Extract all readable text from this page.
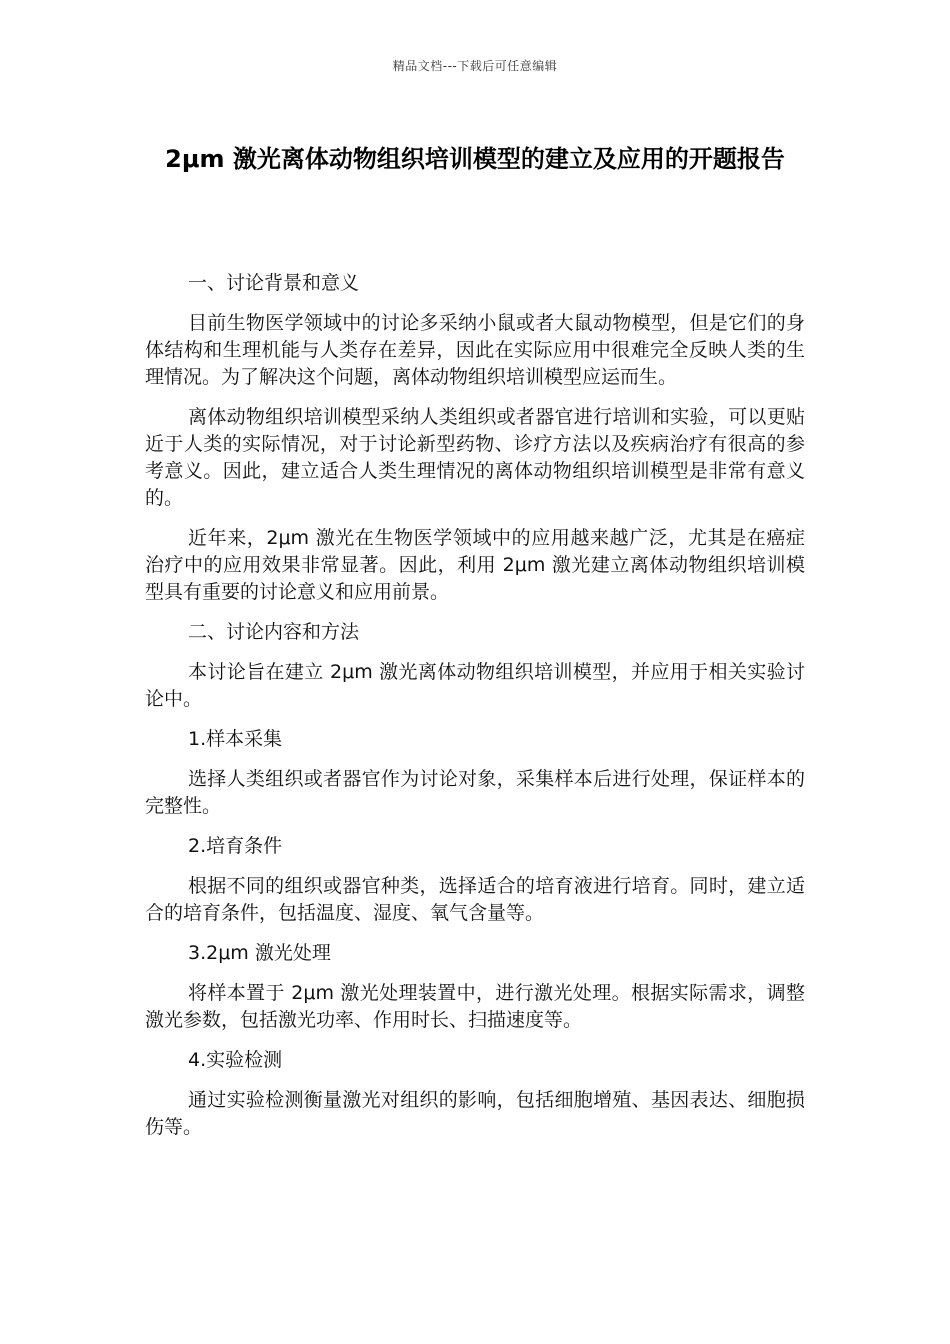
精品文档---下载后可任意编辑
2μm 激光离体动物组织培训模型的建立及应用的开题报告

一、讨论背景和意义

目前生物医学领域中的讨论多采纳小鼠或者大鼠动物模型，但是它们的身体结构和生理机能与人类存在差异，因此在实际应用中很难完全反映人类的生理情况。为了解决这个问题，离体动物组织培训模型应运而生。

离体动物组织培训模型采纳人类组织或者器官进行培训和实验，可以更贴近于人类的实际情况，对于讨论新型药物、诊疗方法以及疾病治疗有很高的参考意义。因此，建立适合人类生理情况的离体动物组织培训模型是非常有意义的。

近年来，2μm 激光在生物医学领域中的应用越来越广泛，尤其是在癌症治疗中的应用效果非常显著。因此，利用 2μm 激光建立离体动物组织培训模型具有重要的讨论意义和应用前景。

二、讨论内容和方法

本讨论旨在建立 2μm 激光离体动物组织培训模型，并应用于相关实验讨论中。

1.样本采集

选择人类组织或者器官作为讨论对象，采集样本后进行处理，保证样本的完整性。

2.培育条件

根据不同的组织或器官种类，选择适合的培育液进行培育。同时，建立适合的培育条件，包括温度、湿度、氧气含量等。

3.2μm 激光处理

将样本置于 2μm 激光处理装置中，进行激光处理。根据实际需求，调整激光参数，包括激光功率、作用时长、扫描速度等。

4.实验检测

通过实验检测衡量激光对组织的影响，包括细胞增殖、基因表达、细胞损伤等。
